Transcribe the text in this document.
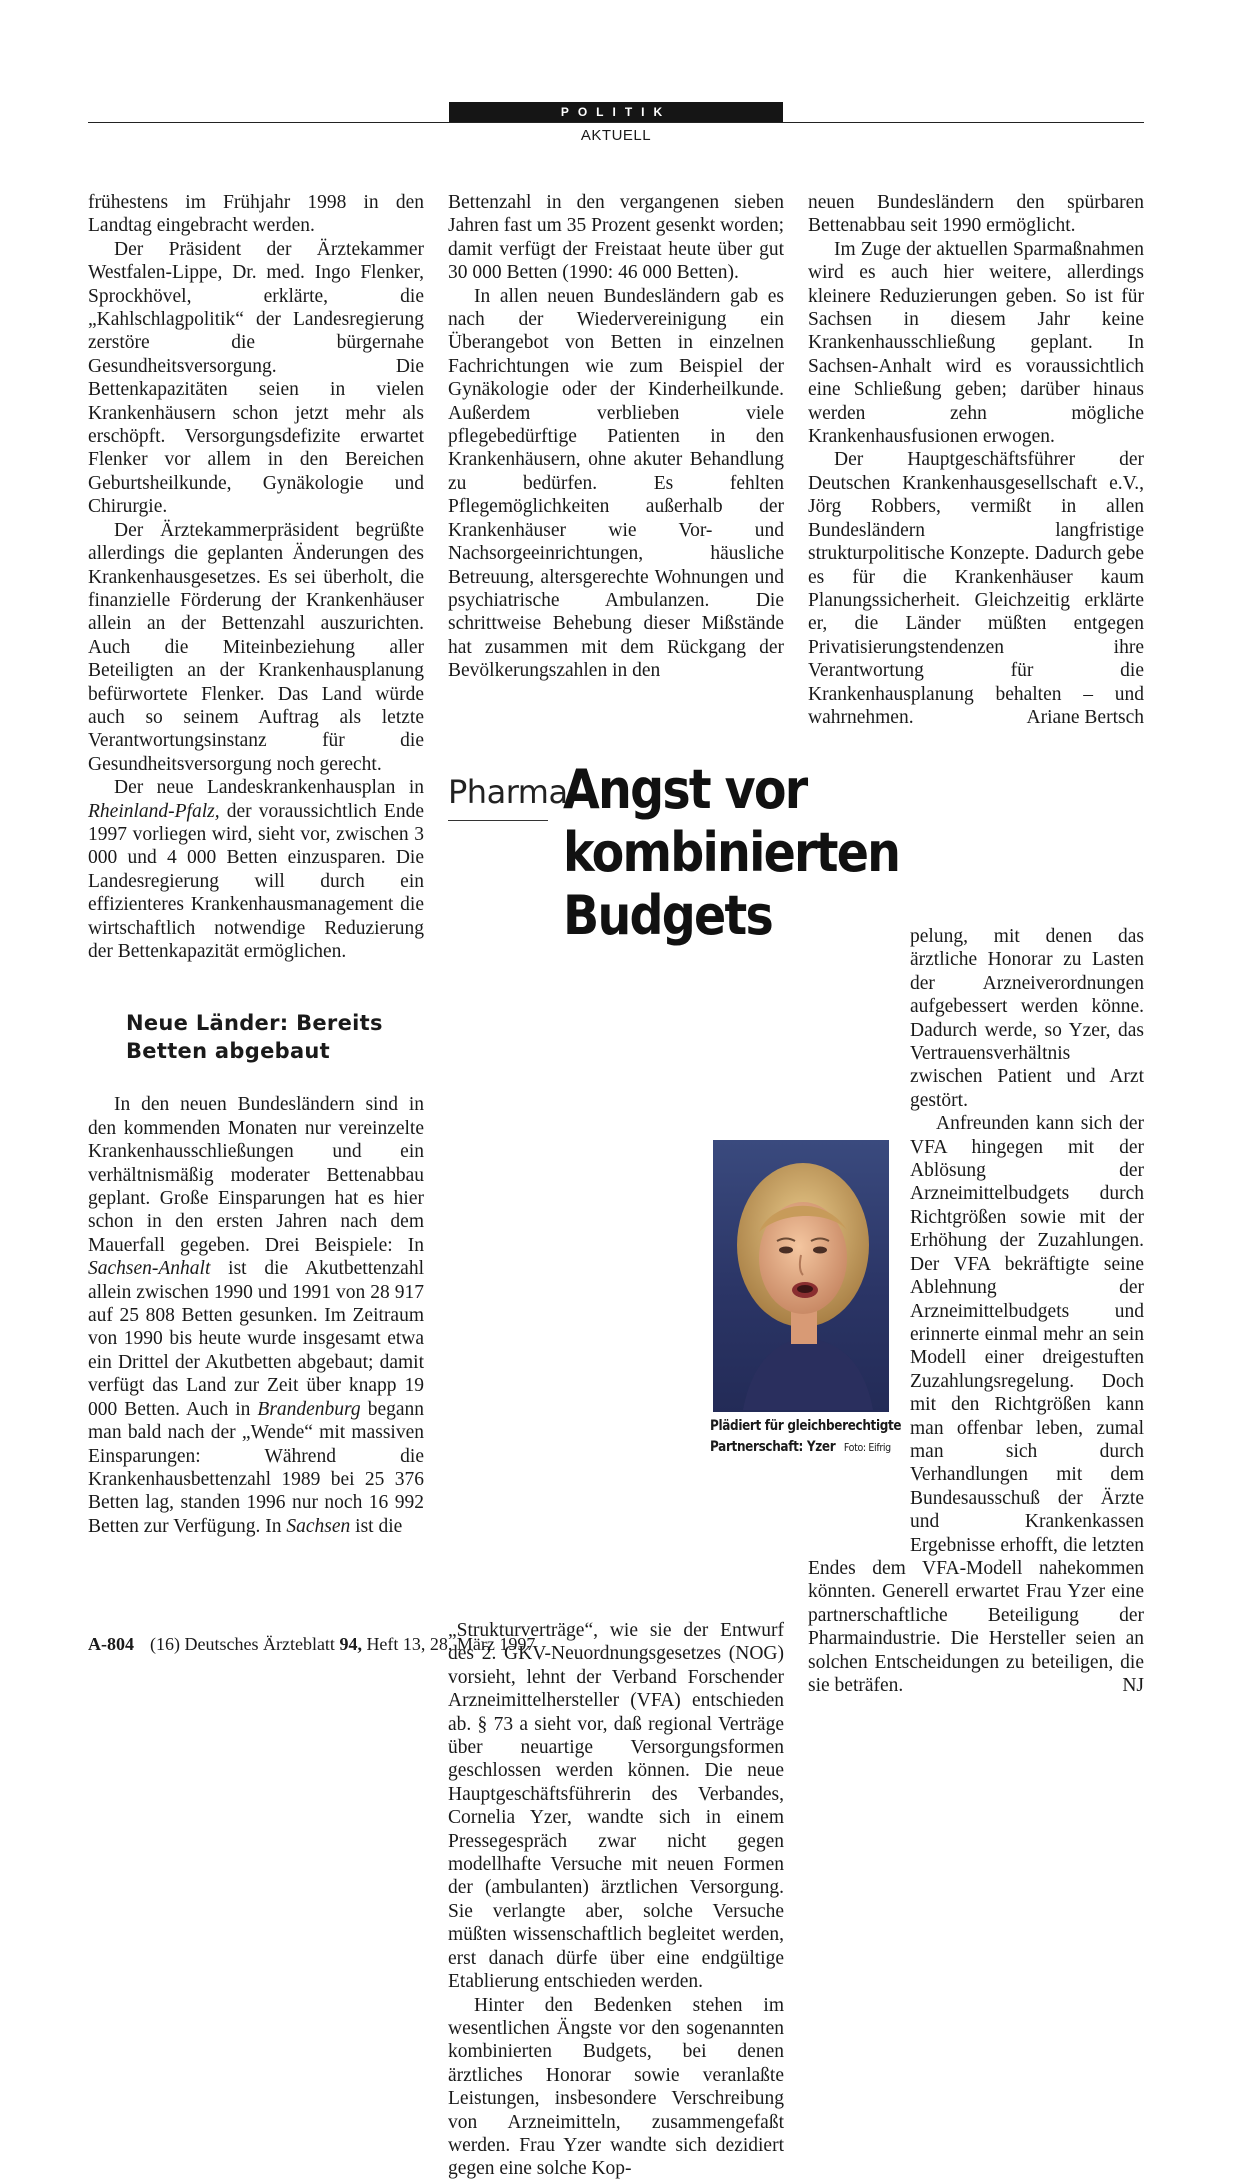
POLITIK
AKTUELL

frühestens im Frühjahr 1998 in den Landtag eingebracht werden.

Der Präsident der Ärztekammer Westfalen-Lippe, Dr. med. Ingo Flenker, Sprockhövel, erklärte, die „Kahlschlagpolitik“ der Landesregierung zerstöre die bürgernahe Gesundheitsversorgung. Die Bettenkapazitäten seien in vielen Krankenhäusern schon jetzt mehr als erschöpft. Versorgungsdefizite erwartet Flenker vor allem in den Bereichen Geburtsheilkunde, Gynäkologie und Chirurgie.

Der Ärztekammerpräsident begrüßte allerdings die geplanten Änderungen des Krankenhausgesetzes. Es sei überholt, die finanzielle Förderung der Krankenhäuser allein an der Bettenzahl auszurichten. Auch die Miteinbeziehung aller Beteiligten an der Krankenhausplanung befürwortete Flenker. Das Land würde auch so seinem Auftrag als letzte Verantwortungsinstanz für die Gesundheitsversorgung noch gerecht.

Der neue Landeskrankenhausplan in Rheinland-Pfalz, der voraussichtlich Ende 1997 vorliegen wird, sieht vor, zwischen 3 000 und 4 000 Betten einzusparen. Die Landesregierung will durch ein effizienteres Krankenhausmanagement die wirtschaftlich notwendige Reduzierung der Bettenkapazität ermöglichen.

Neue Länder: Bereits Betten abgebaut

In den neuen Bundesländern sind in den kommenden Monaten nur vereinzelte Krankenhausschließungen und ein verhältnismäßig moderater Bettenabbau geplant. Große Einsparungen hat es hier schon in den ersten Jahren nach dem Mauerfall gegeben. Drei Beispiele: In Sachsen-Anhalt ist die Akutbettenzahl allein zwischen 1990 und 1991 von 28 917 auf 25 808 Betten gesunken. Im Zeitraum von 1990 bis heute wurde insgesamt etwa ein Drittel der Akutbetten abgebaut; damit verfügt das Land zur Zeit über knapp 19 000 Betten. Auch in Brandenburg begann man bald nach der „Wende“ mit massiven Einsparungen: Während die Krankenhausbettenzahl 1989 bei 25 376 Betten lag, standen 1996 nur noch 16 992 Betten zur Verfügung. In Sachsen ist die

Bettenzahl in den vergangenen sieben Jahren fast um 35 Prozent gesenkt worden; damit verfügt der Freistaat heute über gut 30 000 Betten (1990: 46 000 Betten).

In allen neuen Bundesländern gab es nach der Wiedervereinigung ein Überangebot von Betten in einzelnen Fachrichtungen wie zum Beispiel der Gynäkologie oder der Kinderheilkunde. Außerdem verblieben viele pflegebedürftige Patienten in den Krankenhäusern, ohne akuter Behandlung zu bedürfen. Es fehlten Pflegemöglichkeiten außerhalb der Krankenhäuser wie Vor- und Nachsorgeeinrichtungen, häusliche Betreuung, altersgerechte Wohnungen und psychiatrische Ambulanzen. Die schrittweise Behebung dieser Mißstände hat zusammen mit dem Rückgang der Bevölkerungszahlen in den

neuen Bundesländern den spürbaren Bettenabbau seit 1990 ermöglicht.

Im Zuge der aktuellen Sparmaßnahmen wird es auch hier weitere, allerdings kleinere Reduzierungen geben. So ist für Sachsen in diesem Jahr keine Krankenhausschließung geplant. In Sachsen-Anhalt wird es voraussichtlich eine Schließung geben; darüber hinaus werden zehn mögliche Krankenhausfusionen erwogen.

Der Hauptgeschäftsführer der Deutschen Krankenhausgesellschaft e.V., Jörg Robbers, vermißt in allen Bundesländern langfristige strukturpolitische Konzepte. Dadurch gebe es für die Krankenhäuser kaum Planungssicherheit. Gleichzeitig erklärte er, die Länder müßten entgegen Privatisierungstendenzen ihre Verantwortung für die Krankenhausplanung behalten – und wahrnehmen.	Ariane Bertsch

Pharma
Angst vor
kombinierten Budgets

„Strukturverträge“, wie sie der Entwurf des 2. GKV-Neuordnungsgesetzes (NOG) vorsieht, lehnt der Verband Forschender Arzneimittelhersteller (VFA) entschieden ab. § 73 a sieht vor, daß regional Verträge über neuartige Versorgungsformen geschlossen werden können. Die neue Hauptgeschäftsführerin des Verbandes, Cornelia Yzer, wandte sich in einem Pressegespräch zwar nicht gegen modellhafte Versuche mit neuen Formen der (ambulanten) ärztlichen Versorgung. Sie verlangte aber, solche Versuche müßten wissenschaftlich begleitet werden, erst danach dürfe über eine endgültige Etablierung entschieden werden.

Hinter den Bedenken stehen im wesentlichen Ängste vor den sogenannten kombinierten Budgets, bei denen ärztliches Honorar sowie veranlaßte Leistungen, insbesondere Verschreibung von Arzneimitteln, zusammengefaßt werden. Frau Yzer wandte sich dezidiert gegen eine solche Kop-

pelung, mit denen das ärztliche Honorar zu Lasten der Arzneiverordnungen aufgebessert werden könne. Dadurch werde, so Yzer, das Vertrauensverhältnis zwischen Patient und Arzt gestört.

Anfreunden kann sich der VFA hingegen mit der Ablösung der Arzneimittelbudgets durch Richtgrößen sowie mit der Erhöhung der Zuzahlungen. Der VFA bekräftigte seine Ablehnung der Arzneimittelbudgets und erinnerte einmal mehr an sein Modell einer dreigestuften Zuzahlungsregelung. Doch mit den Richtgrößen kann man offenbar leben, zumal man sich durch Verhandlungen mit dem Bundesausschuß der Ärzte und Krankenkassen Ergebnisse erhofft, die letzten Endes dem VFA-Modell nahekommen könnten. Generell erwartet Frau Yzer eine partnerschaftliche Beteiligung der Pharmaindustrie. Die Hersteller seien an solchen Entscheidungen zu beteiligen, die sie beträfen.	NJ

Plädiert für gleichberechtigte
Partnerschaft: Yzer Foto: Eifrig
A-804 (16) Deutsches Ärzteblatt 94, Heft 13, 28. März 1997
